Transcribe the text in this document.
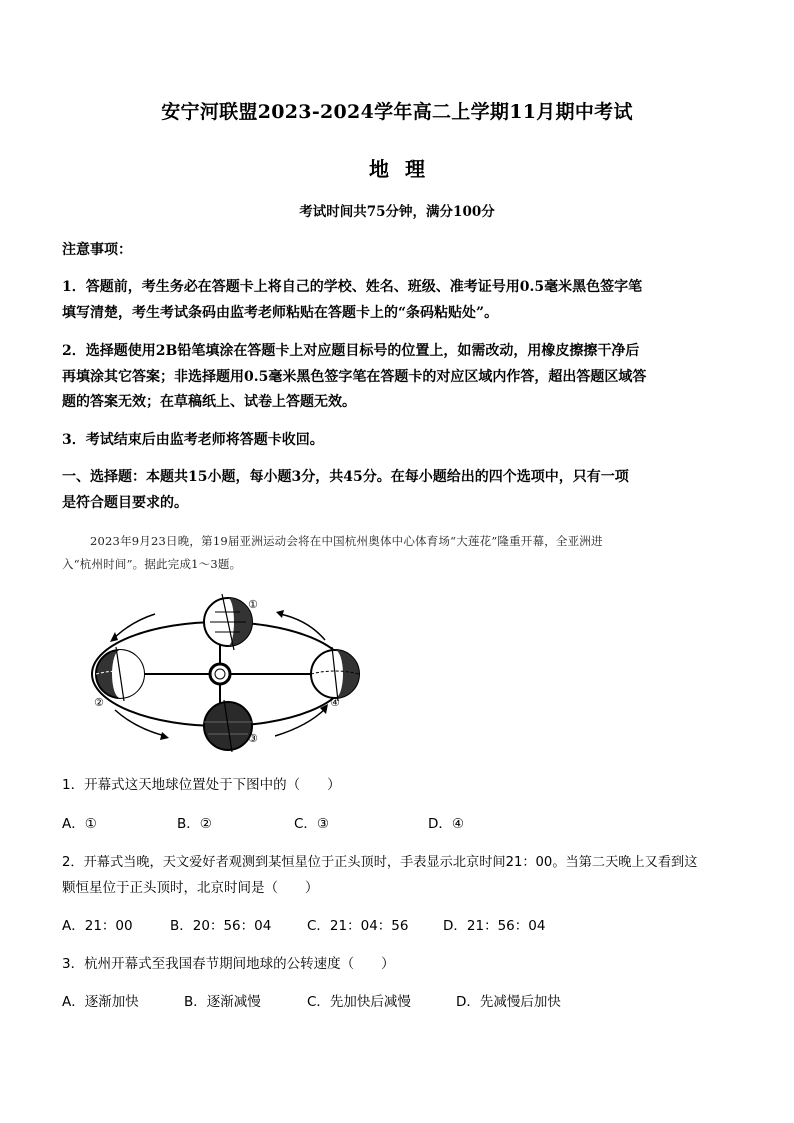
安宁河联盟2023-2024学年高二上学期11月期中考试
地理
考试时间共75分钟，满分100分
注意事项：
1．答题前，考生务必在答题卡上将自己的学校、姓名、班级、准考证号用0.5毫米黑色签字笔
填写清楚，考生考试条码由监考老师粘贴在答题卡上的“条码粘贴处”。
2．选择题使用2B铅笔填涂在答题卡上对应题目标号的位置上，如需改动，用橡皮擦擦干净后
再填涂其它答案；非选择题用0.5毫米黑色签字笔在答题卡的对应区域内作答，超出答题区域答
题的答案无效；在草稿纸上、试卷上答题无效。
3．考试结束后由监考老师将答题卡收回。
一、选择题：本题共15小题，每小题3分，共45分。在每小题给出的四个选项中，只有一项
是符合题目要求的。
2023年9月23日晚，第19届亚洲运动会将在中国杭州奥体中心体育场“大莲花”隆重开幕，全亚洲进
入“杭州时间”。据此完成1～3题。
①
②
③
④
1．开幕式这天地球位置处于下图中的（　　）
A．①	B．②	C．③	D．④
2．开幕式当晚，天文爱好者观测到某恒星位于正头顶时，手表显示北京时间21：00。当第二天晚上又看到这
颗恒星位于正头顶时，北京时间是（　　）
A．21：00	B．20：56：04	C．21：04：56	D．21：56：04
3．杭州开幕式至我国春节期间地球的公转速度（　　）
A．逐渐加快	B．逐渐减慢	C．先加快后减慢	D．先减慢后加快
